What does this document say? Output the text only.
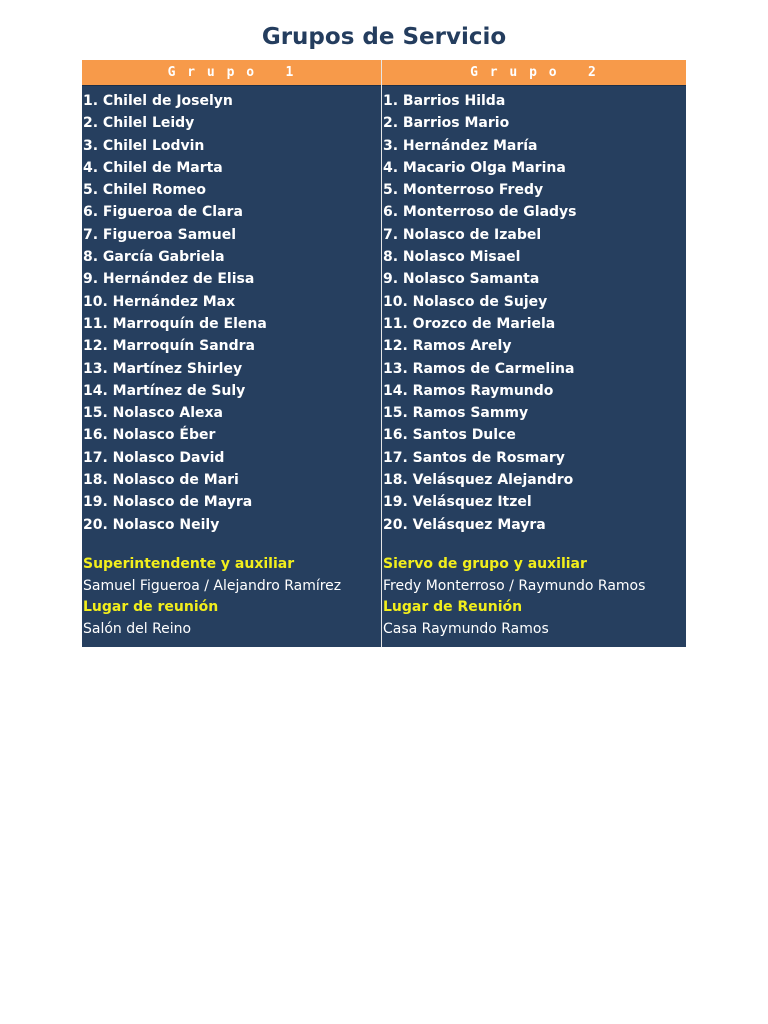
Grupos de Servicio
G r u p o   1
1. Chilel de Joselyn
2. Chilel Leidy
3. Chilel Lodvin
4. Chilel de Marta
5. Chilel Romeo
6. Figueroa de Clara
7. Figueroa Samuel
8. García Gabriela
9. Hernández de Elisa
10. Hernández Max
11. Marroquín de Elena
12. Marroquín Sandra
13. Martínez Shirley
14. Martínez de Suly
15. Nolasco Alexa
16. Nolasco Éber
17. Nolasco David
18. Nolasco de Mari
19. Nolasco de Mayra
20. Nolasco Neily
Superintendente y auxiliar
Samuel Figueroa / Alejandro Ramírez
Lugar de reunión
Salón del Reino
G r u p o   2
1. Barrios Hilda
2. Barrios Mario
3. Hernández María
4. Macario Olga Marina
5. Monterroso Fredy
6. Monterroso de Gladys
7. Nolasco de Izabel
8. Nolasco Misael
9. Nolasco Samanta
10. Nolasco de Sujey
11. Orozco de Mariela
12. Ramos Arely
13. Ramos de Carmelina
14. Ramos Raymundo
15. Ramos Sammy
16. Santos Dulce
17. Santos de Rosmary
18. Velásquez Alejandro
19. Velásquez Itzel
20. Velásquez Mayra
Siervo de grupo y auxiliar
Fredy Monterroso / Raymundo Ramos
Lugar de Reunión
Casa Raymundo Ramos
